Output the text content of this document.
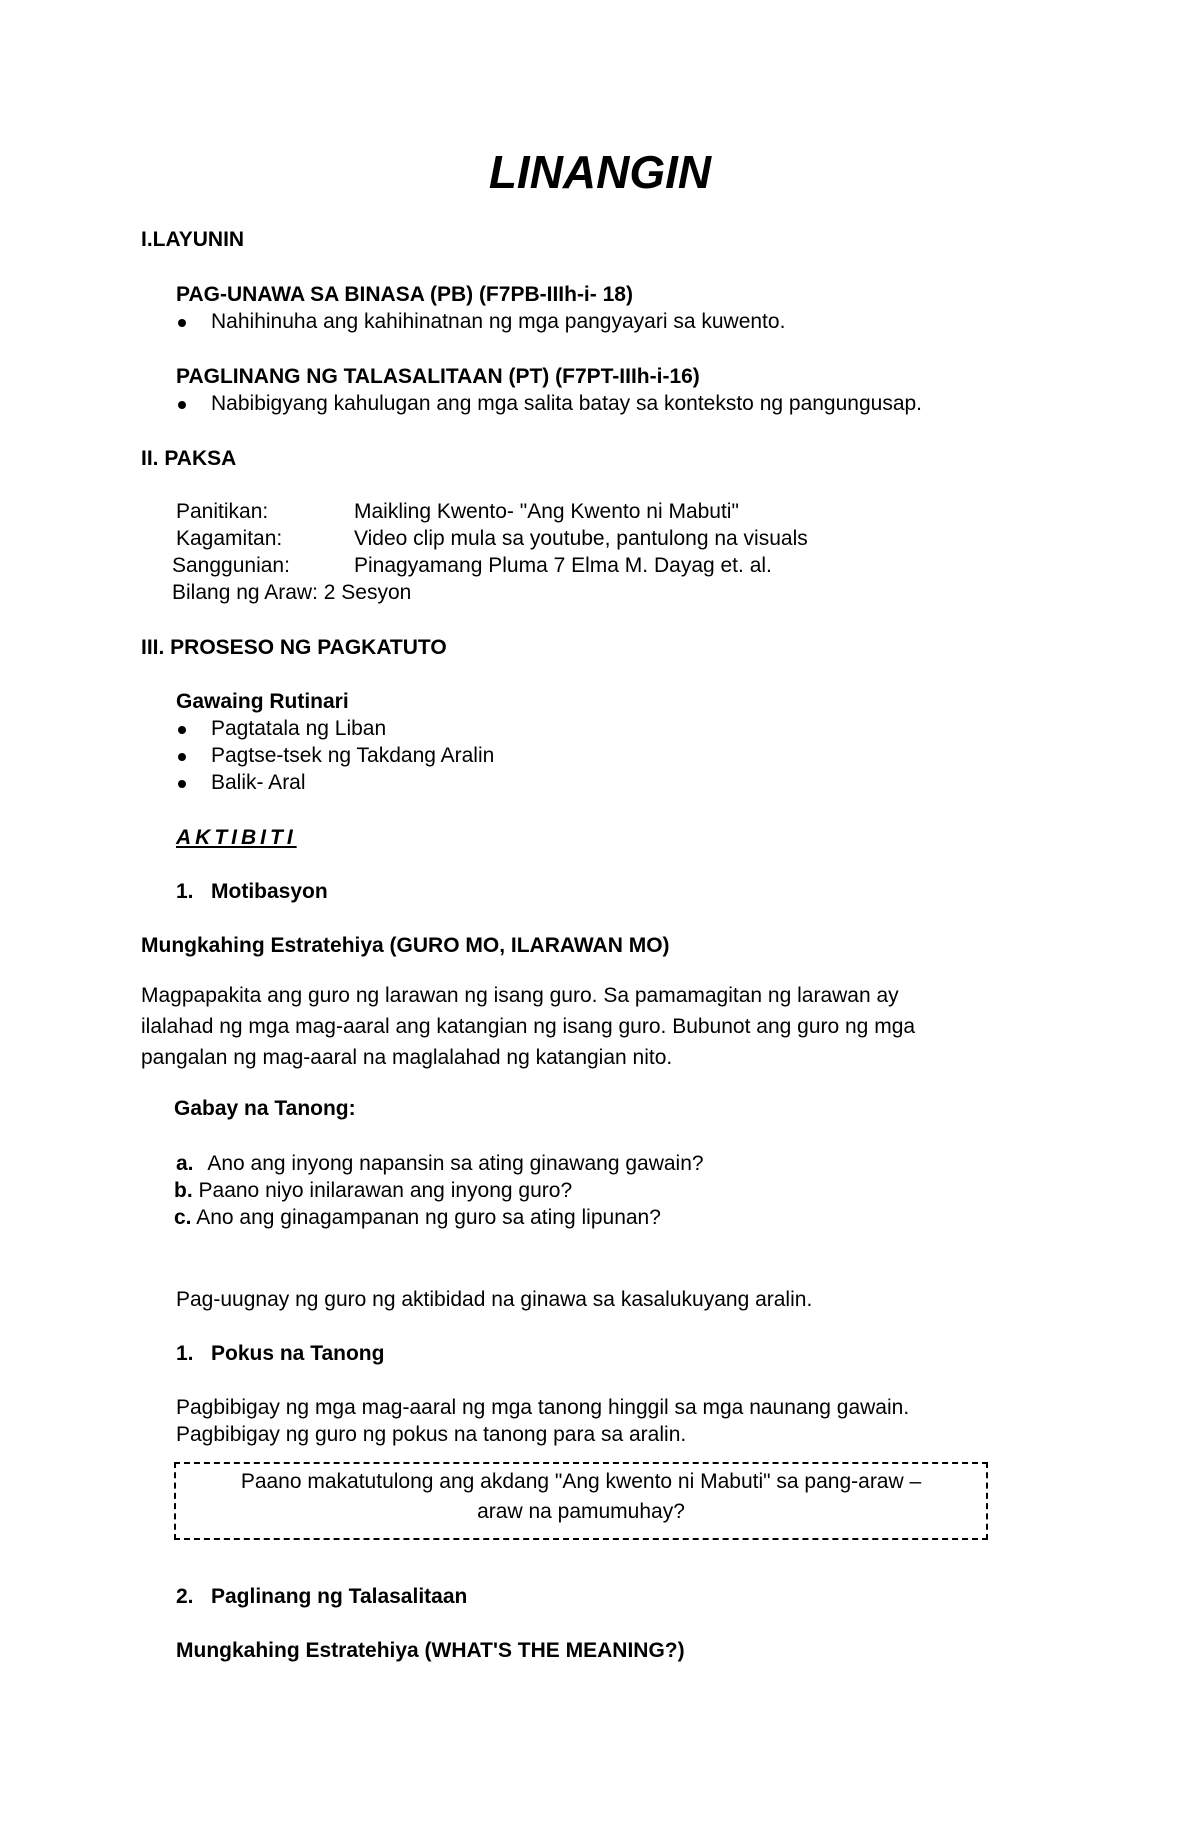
LINANGIN
I.LAYUNIN
PAG-UNAWA SA BINASA (PB) (F7PB-IIIh-i- 18)
Nahihinuha ang kahihinatnan ng mga pangyayari sa kuwento.
PAGLINANG NG TALASALITAAN (PT) (F7PT-IIIh-i-16)
Nabibigyang kahulugan ang mga salita batay sa konteksto ng pangungusap.
II. PAKSA
Panitikan:	Maikling Kwento- "Ang Kwento ni Mabuti"
Kagamitan:	Video clip mula sa youtube, pantulong na visuals
Sanggunian:	Pinagyamang Pluma 7 Elma M. Dayag et. al.
Bilang ng Araw: 2 Sesyon
III. PROSESO NG PAGKATUTO
Gawaing Rutinari
Pagtatala ng Liban
Pagtse-tsek ng Takdang Aralin
Balik- Aral
AKTIBITI
1. Motibasyon
Mungkahing Estratehiya (GURO MO, ILARAWAN MO)
Magpapakita ang guro ng larawan ng isang guro. Sa pamamagitan ng larawan ay
ilalahad ng mga mag-aaral ang katangian ng isang guro. Bubunot ang guro ng mga
pangalan ng mag-aaral na maglalahad ng katangian nito.
Gabay na Tanong:
a. Ano ang inyong napansin sa ating ginawang gawain?
b. Paano niyo inilarawan ang inyong guro?
c. Ano ang ginagampanan ng guro sa ating lipunan?
Pag-uugnay ng guro ng aktibidad na ginawa sa kasalukuyang aralin.
1. Pokus na Tanong
Pagbibigay ng mga mag-aaral ng mga tanong hinggil sa mga naunang gawain.
Pagbibigay ng guro ng pokus na tanong para sa aralin.
Paano makatutulong ang akdang "Ang kwento ni Mabuti" sa pang-araw –
araw na pamumuhay?
2. Paglinang ng Talasalitaan
Mungkahing Estratehiya (WHAT'S THE MEANING?)
